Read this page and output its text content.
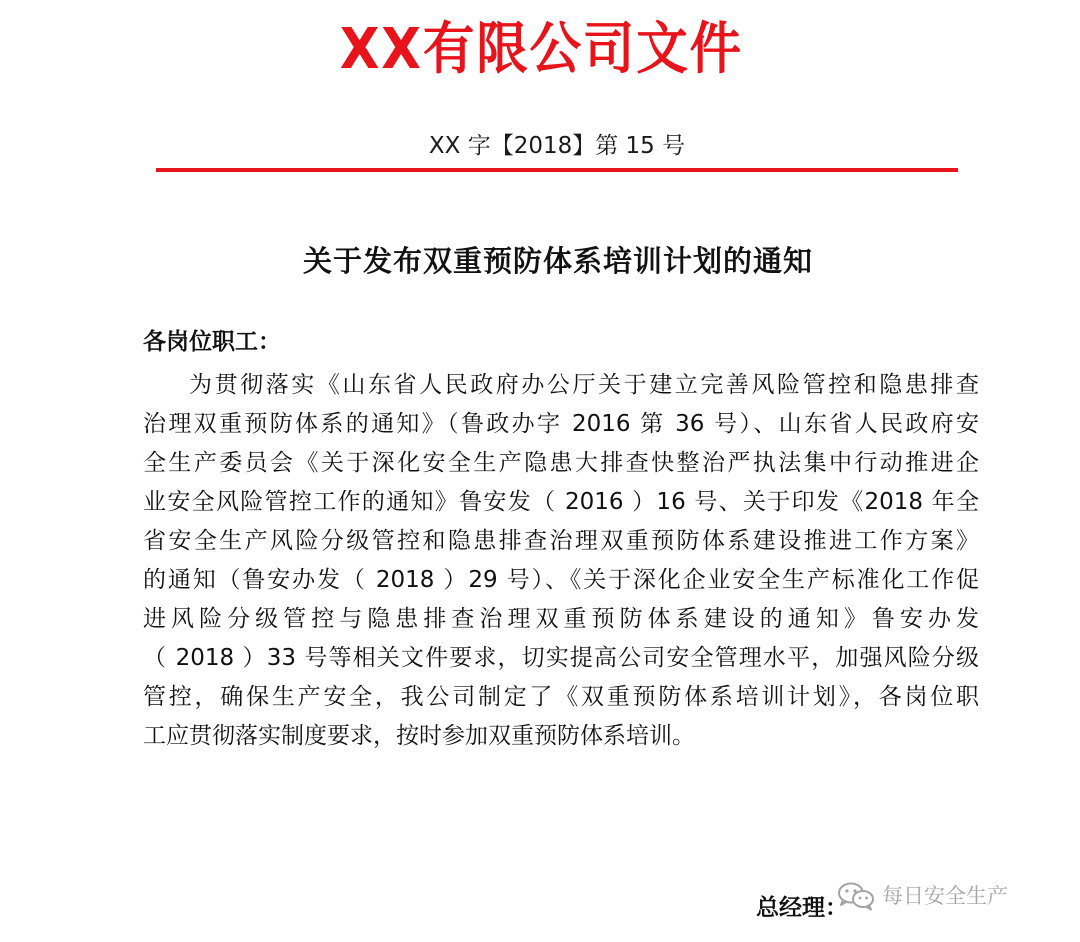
XX有限公司文件
XX 字【2018】第 15 号
关于发布双重预防体系培训计划的通知
各岗位职工：
为贯彻落实《山东省人民政府办公厅关于建立完善风险管控和隐患排查
治理双重预防体系的通知》（鲁政办字 2016 第 36 号）、山东省人民政府安
全生产委员会《关于深化安全生产隐患大排查快整治严执法集中行动推进企
业安全风险管控工作的通知》鲁安发（ 2016 ）16 号、关于印发《2018 年全
省安全生产风险分级管控和隐患排查治理双重预防体系建设推进工作方案》
的通知（鲁安办发（ 2018 ）29 号）、《关于深化企业安全生产标准化工作促
进风险分级管控与隐患排查治理双重预防体系建设的通知》鲁安办发
（ 2018 ）33 号等相关文件要求，切实提高公司安全管理水平，加强风险分级
管控，确保生产安全，我公司制定了《双重预防体系培训计划》，各岗位职
工应贯彻落实制度要求，按时参加双重预防体系培训。
总经理： 每日安全生产
